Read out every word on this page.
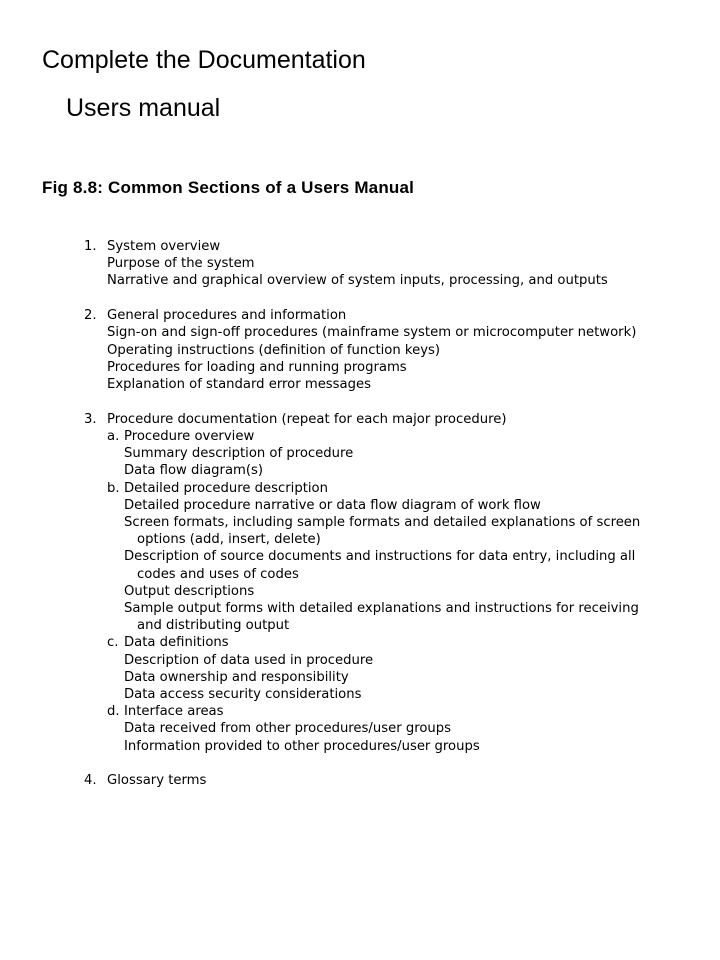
Complete the Documentation
Users manual
Fig 8.8: Common Sections of a Users Manual
1. System overview
Purpose of the system
Narrative and graphical overview of system inputs, processing, and outputs
2. General procedures and information
Sign-on and sign-off procedures (mainframe system or microcomputer network)
Operating instructions (definition of function keys)
Procedures for loading and running programs
Explanation of standard error messages
3. Procedure documentation (repeat for each major procedure)
a. Procedure overview
Summary description of procedure
Data flow diagram(s)
b. Detailed procedure description
Detailed procedure narrative or data flow diagram of work flow
Screen formats, including sample formats and detailed explanations of screen
options (add, insert, delete)
Description of source documents and instructions for data entry, including all
codes and uses of codes
Output descriptions
Sample output forms with detailed explanations and instructions for receiving
and distributing output
c. Data definitions
Description of data used in procedure
Data ownership and responsibility
Data access security considerations
d. Interface areas
Data received from other procedures/user groups
Information provided to other procedures/user groups
4. Glossary terms
